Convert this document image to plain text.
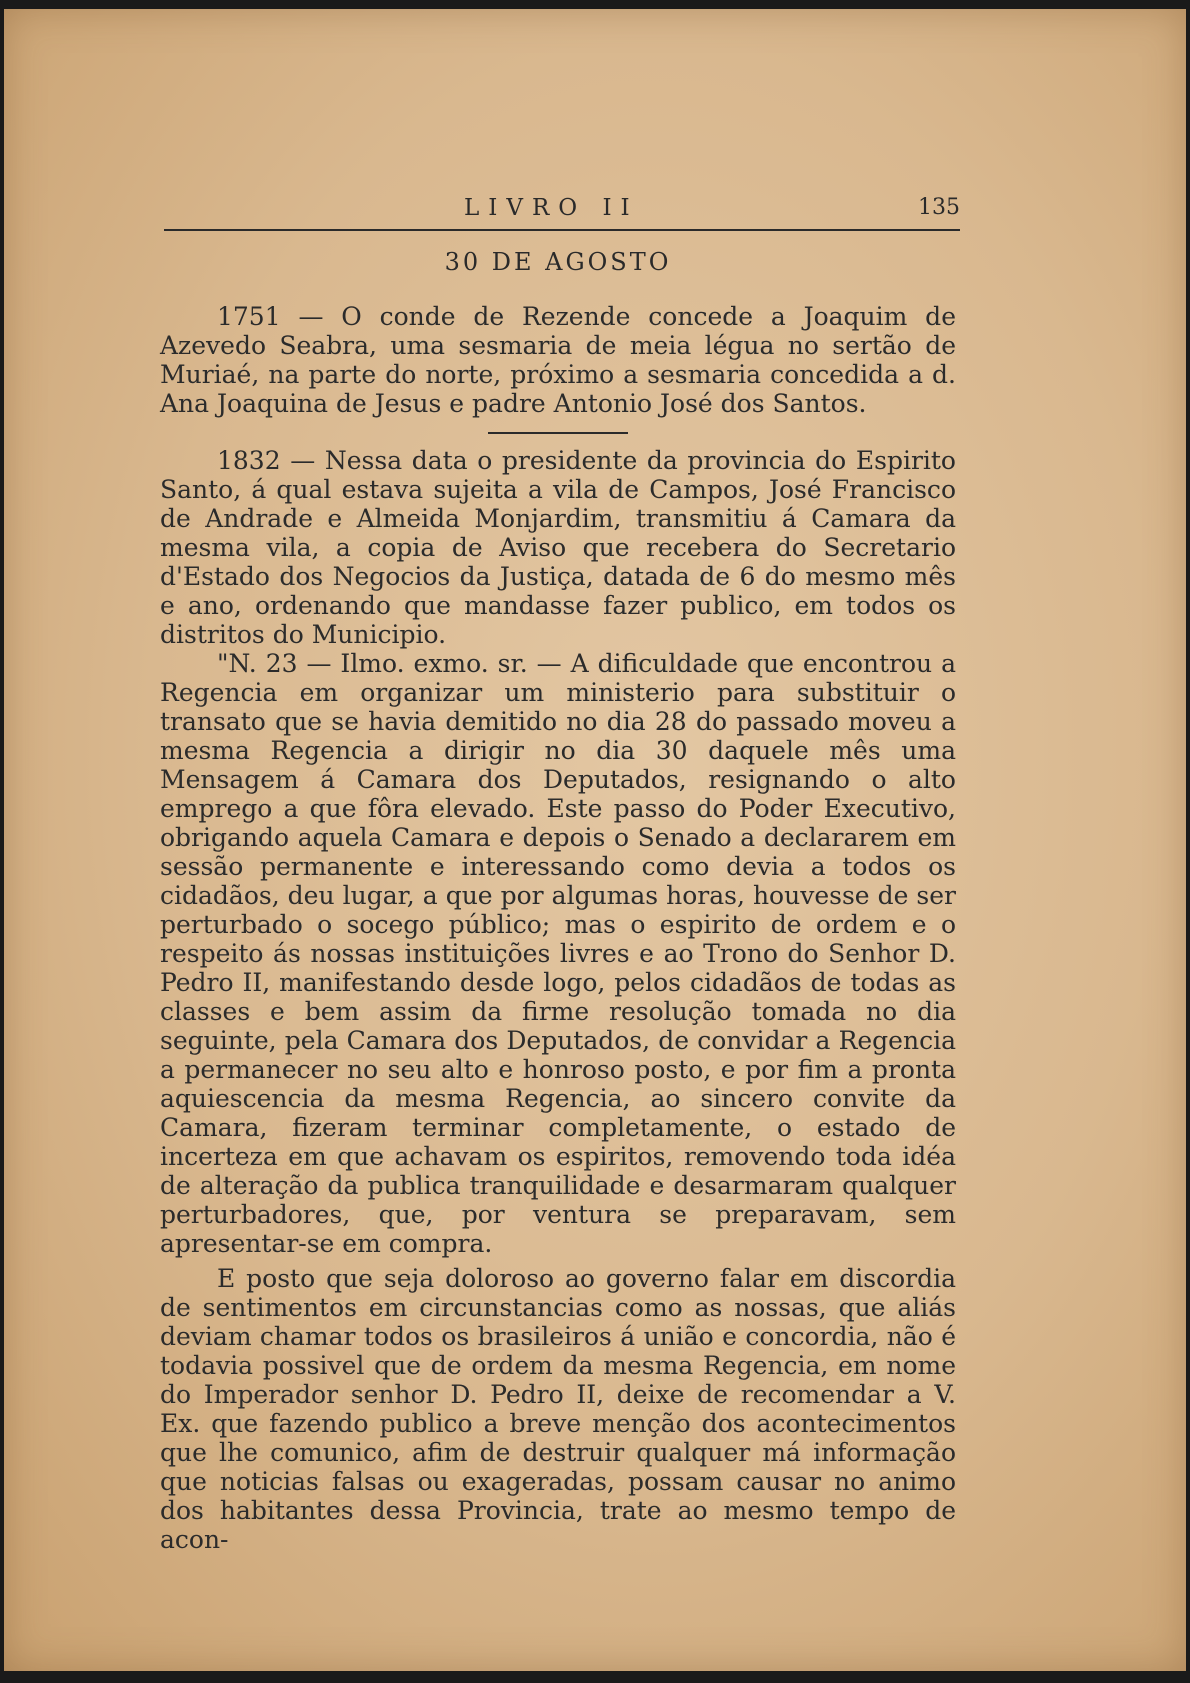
LIVRO II	135
30 DE AGOSTO

1751 — O conde de Rezende concede a Joaquim de Azevedo Seabra, uma sesmaria de meia légua no sertão de Muriaé, na parte do norte, próximo a sesmaria concedida a d. Ana Joaquina de Jesus e padre Antonio José dos Santos.

1832 — Nessa data o presidente da provincia do Espirito Santo, á qual estava sujeita a vila de Campos, José Francisco de Andrade e Almeida Monjardim, transmitiu á Camara da mesma vila, a copia de Aviso que recebera do Secretario d'Estado dos Negocios da Justiça, datada de 6 do mesmo mês e ano, ordenando que mandasse fazer publico, em todos os distritos do Municipio.

"N. 23 — Ilmo. exmo. sr. — A dificuldade que encontrou a Regencia em organizar um ministerio para substituir o transato que se havia demitido no dia 28 do passado moveu a mesma Regencia a dirigir no dia 30 daquele mês uma Mensagem á Camara dos Deputados, resignando o alto emprego a que fôra elevado. Este passo do Poder Executivo, obrigando aquela Camara e depois o Senado a declararem em sessão permanente e interessando como devia a todos os cidadãos, deu lugar, a que por algumas horas, houvesse de ser perturbado o socego público; mas o espirito de ordem e o respeito ás nossas instituições livres e ao Trono do Senhor D. Pedro II, manifestando desde logo, pelos cidadãos de todas as classes e bem assim da firme resolução tomada no dia seguinte, pela Camara dos Deputados, de convidar a Regencia a permanecer no seu alto e honroso posto, e por fim a pronta aquiescencia da mesma Regencia, ao sincero convite da Camara, fizeram terminar completamente, o estado de incerteza em que achavam os espiritos, removendo toda idéa de alteração da publica tranquilidade e desarmaram qualquer perturbadores, que, por ventura se preparavam, sem apresentar-se em compra.

E posto que seja doloroso ao governo falar em discordia de sentimentos em circunstancias como as nossas, que aliás deviam chamar todos os brasileiros á união e concordia, não é todavia possivel que de ordem da mesma Regencia, em nome do Imperador senhor D. Pedro II, deixe de recomendar a V. Ex. que fazendo publico a breve menção dos acontecimentos que lhe comunico, afim de destruir qualquer má informação que noticias falsas ou exageradas, possam causar no animo dos habitantes dessa Provincia, trate ao mesmo tempo de acon-
